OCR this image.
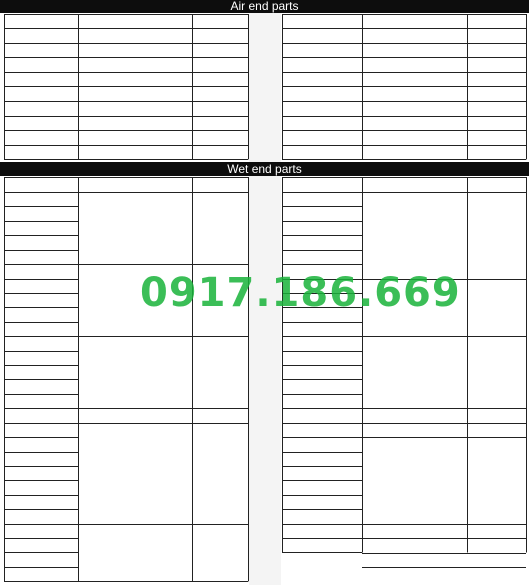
Air end parts
Wet end parts
0917.186.669
